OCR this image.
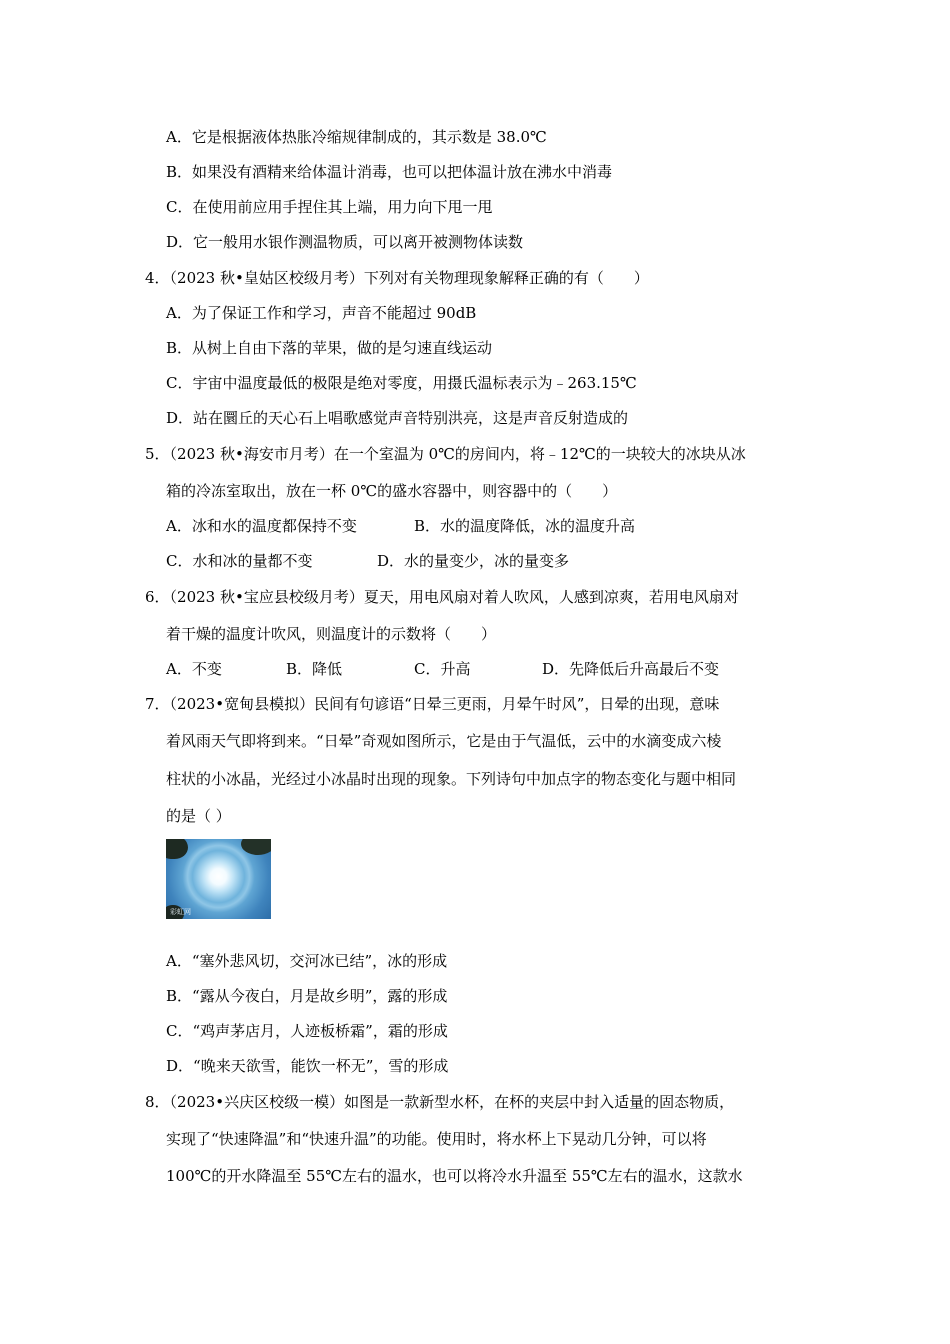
A．它是根据液体热胀冷缩规律制成的，其示数是 38.0℃
B．如果没有酒精来给体温计消毒，也可以把体温计放在沸水中消毒
C．在使用前应用手捏住其上端，用力向下甩一甩
D．它一般用水银作测温物质，可以离开被测物体读数
4．（2023 秋•皇姑区校级月考）下列对有关物理现象解释正确的有（　　）
A．为了保证工作和学习，声音不能超过 90dB
B．从树上自由下落的苹果，做的是匀速直线运动
C．宇宙中温度最低的极限是绝对零度，用摄氏温标表示为﹣263.15℃
D．站在圜丘的天心石上唱歌感觉声音特别洪亮，这是声音反射造成的
5．（2023 秋•海安市月考）在一个室温为 0℃的房间内，将﹣12℃的一块较大的冰块从冰
箱的冷冻室取出，放在一杯 0℃的盛水容器中，则容器中的（　　）
A．冰和水的温度都保持不变	B．水的温度降低，冰的温度升高
C．水和冰的量都不变	D．水的量变少，冰的量变多
6．（2023 秋•宝应县校级月考）夏天，用电风扇对着人吹风，人感到凉爽，若用电风扇对
着干燥的温度计吹风，则温度计的示数将（　　）
A．不变	B．降低	C．升高	D．先降低后升高最后不变
7．（2023•宽甸县模拟）民间有句谚语“日晕三更雨，月晕午时风”，日晕的出现，意味
着风雨天气即将到来。“日晕”奇观如图所示，它是由于气温低，云中的水滴变成六棱
柱状的小冰晶，光经过小冰晶时出现的现象。下列诗句中加点字的物态变化与题中相同
的是（ ）
彩虹网
A．“塞外悲风切，交河冰已结”，冰的形成
B．“露从今夜白，月是故乡明”，露的形成
C．“鸡声茅店月，人迹板桥霜”，霜的形成
D．“晚来天欲雪，能饮一杯无”，雪的形成
8．（2023•兴庆区校级一模）如图是一款新型水杯，在杯的夹层中封入适量的固态物质，
实现了“快速降温”和“快速升温”的功能。使用时，将水杯上下晃动几分钟，可以将
100℃的开水降温至 55℃左右的温水，也可以将冷水升温至 55℃左右的温水，这款水
